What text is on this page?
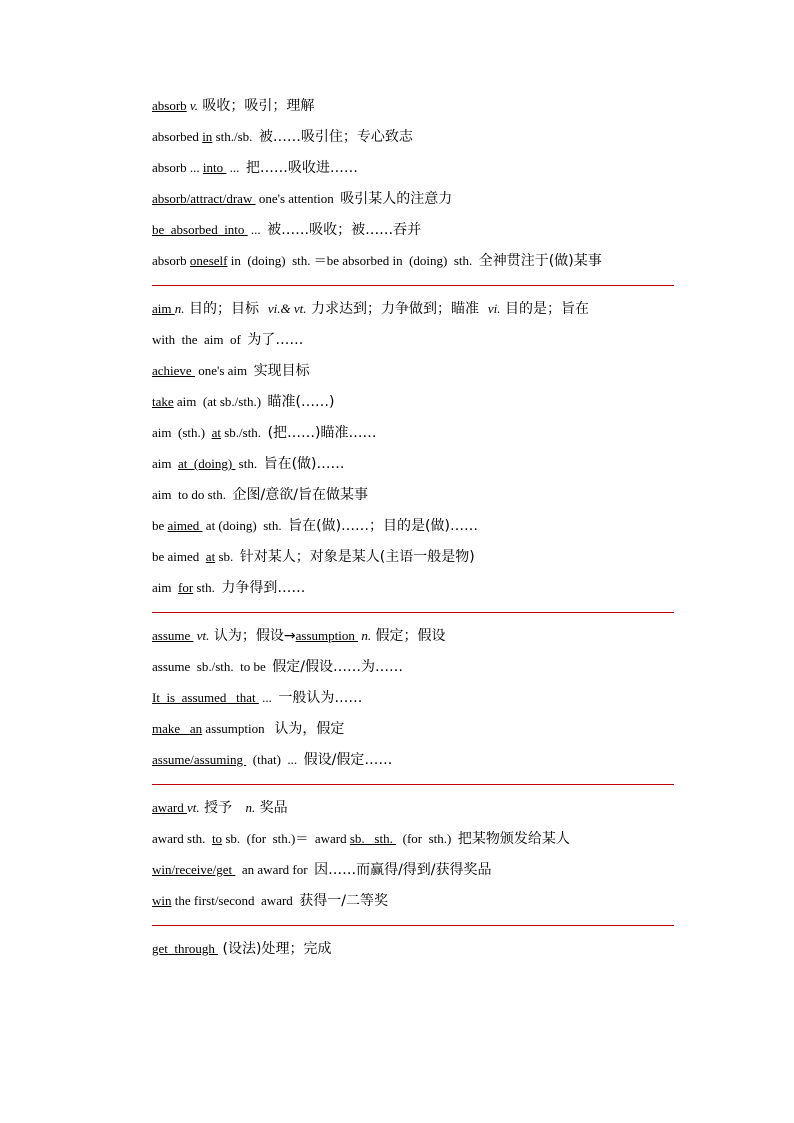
absorb v. 吸收；吸引；理解
absorbed in sth./sb.  被……吸引住；专心致志
absorb ... into  ...  把……吸收进……
absorb/attract/draw  one's attention  吸引某人的注意力
be  absorbed  into  ...  被……吸收；被……吞并
absorb oneself in  (doing)  sth. ＝be absorbed in  (doing)  sth.  全神贯注于(做)某事
aim n. 目的；目标  vi.& vt. 力求达到；力争做到；瞄准  vi. 目的是；旨在
with  the  aim  of  为了……
achieve  one's aim  实现目标
take aim  (at sb./sth.)  瞄准(……)
aim  (sth.)  at sb./sth.  (把……)瞄准……
aim  at  (doing)  sth.  旨在(做)……
aim  to do sth.  企图/意欲/旨在做某事
be aimed  at (doing)  sth.  旨在(做)……；目的是(做)……
be aimed  at sb.  针对某人；对象是某人(主语一般是物)
aim  for sth.  力争得到……
assume  vt. 认为；假设→assumption  n. 假定；假设
assume  sb./sth.  to be  假定/假设……为……
It  is  assumed   that  ...  一般认为……
make   an assumption   认为，假定
assume/assuming   (that)  ...  假设/假定……
award vt. 授予   n. 奖品
award sth.  to sb.  (for  sth.)＝  award sb.   sth.   (for  sth.)  把某物颁发给某人
win/receive/get   an award for  因……而赢得/得到/获得奖品
win the first/second  award  获得一/二等奖
get  through  (设法)处理；完成
